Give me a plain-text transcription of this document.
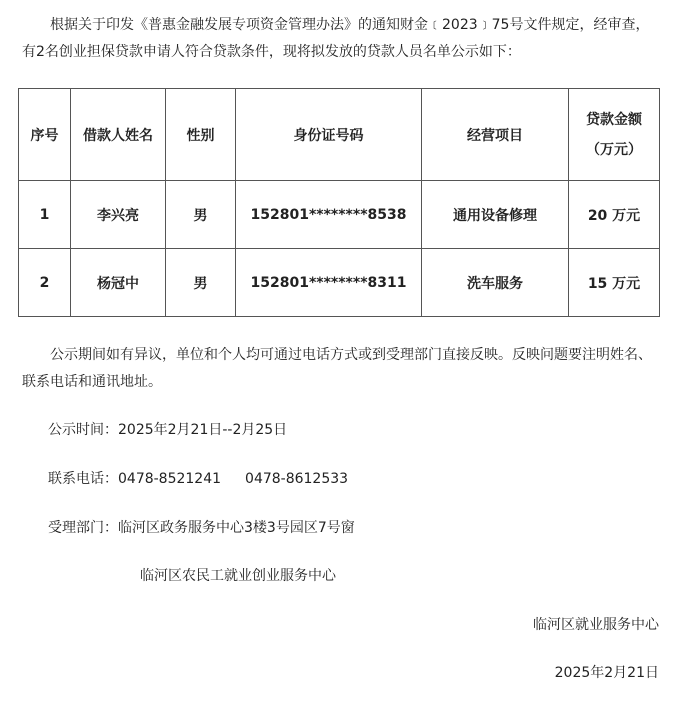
根据关于印发《普惠金融发展专项资金管理办法》的通知财金﹝2023﹞75号文件规定，经审查，有2名创业担保贷款申请人符合贷款条件，现将拟发放的贷款人员名单公示如下：

序号	借款人姓名	性别	身份证号码	经营项目	贷款金额
（万元）

1	李兴亮	男	152801********8538	通用设备修理	20 万元
2	杨冠中	男	152801********8311	洗车服务	15 万元

公示期间如有异议，单位和个人均可通过电话方式或到受理部门直接反映。反映问题要注明姓名、联系电话和通讯地址。

公示时间：2025年2月21日--2月25日

联系电话：0478-8521241 0478-8612533

受理部门：临河区政务服务中心3楼3号园区7号窗

临河区农民工就业创业服务中心

临河区就业服务中心

2025年2月21日
